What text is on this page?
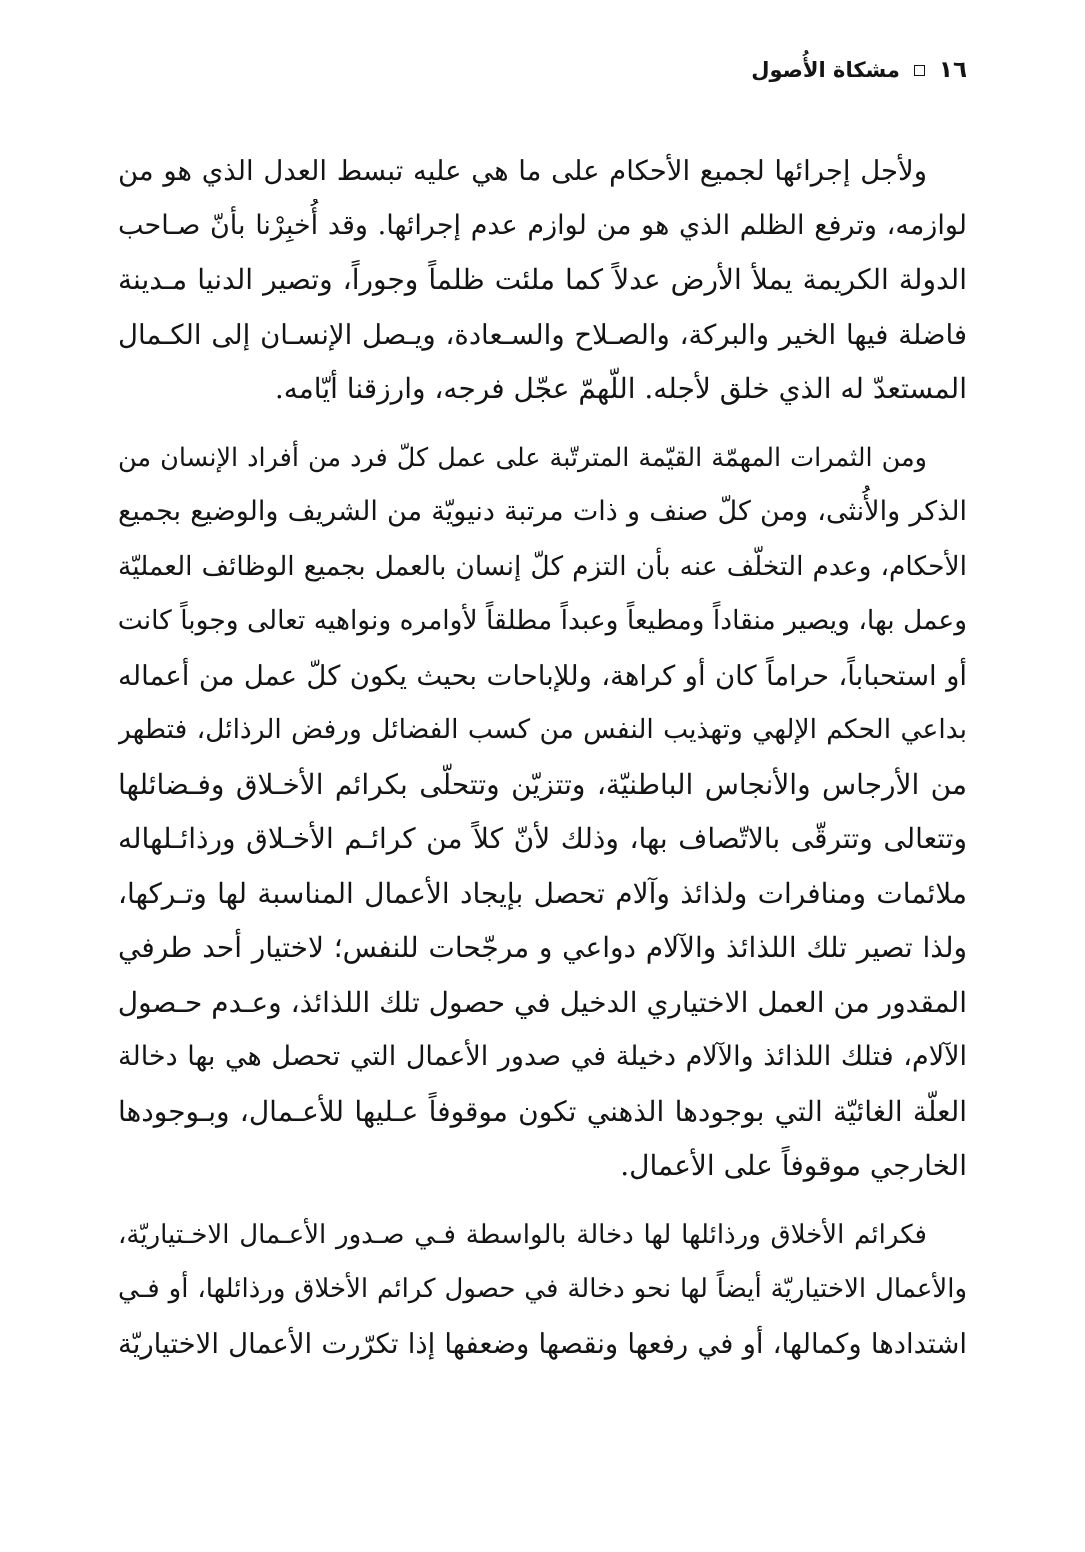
١٦
مشكاة الأُصول

ولأجل إجرائها لجميع الأحكام على ما هي عليه تبسط العدل الذي هو من
لوازمه، وترفع الظلم الذي هو من لوازم عدم إجرائها. وقد أُخبِرْنا بأنّ صـاحب
الدولة الكريمة يملأ الأرض عدلاً كما ملئت ظلماً وجوراً، وتصير الدنيا مـدينة
فاضلة فيها الخير والبركة، والصـلاح والسـعادة، ويـصل الإنسـان إلى الكـمال
المستعدّ له الذي خلق لأجله. اللّهمّ عجّل فرجه، وارزقنا أيّامه.

ومن الثمرات المهمّة القيّمة المترتّبة على عمل كلّ فرد من أفراد الإنسان من
الذكر والأُنثى، ومن كلّ صنف و ذات مرتبة دنيويّة من الشريف والوضيع بجميع
الأحكام، وعدم التخلّف عنه بأن التزم كلّ إنسان بالعمل بجميع الوظائف العمليّة
وعمل بها، ويصير منقاداً ومطيعاً وعبداً مطلقاً لأوامره ونواهيه تعالى وجوباً كانت
أو استحباباً، حراماً كان أو كراهة، وللإباحات بحيث يكون كلّ عمل من أعماله
بداعي الحكم الإلهي وتهذيب النفس من كسب الفضائل ورفض الرذائل، فتطهر
من الأرجاس والأنجاس الباطنيّة، وتتزيّن وتتحلّى بكرائم الأخـلاق وفـضائلها
وتتعالى وتترقّى بالاتّصاف بها، وذلك لأنّ كلاً من كرائـم الأخـلاق ورذائـلهاله
ملائمات ومنافرات ولذائذ وآلام تحصل بإيجاد الأعمال المناسبة لها وتـركها،
ولذا تصير تلك اللذائذ والآلام دواعي و مرجّحات للنفس؛ لاختيار أحد طرفي
المقدور من العمل الاختياري الدخيل في حصول تلك اللذائذ، وعـدم حـصول
الآلام، فتلك اللذائذ والآلام دخيلة في صدور الأعمال التي تحصل هي بها دخالة
العلّة الغائيّة التي بوجودها الذهني تكون موقوفاً عـليها للأعـمال، وبـوجودها
الخارجي موقوفاً على الأعمال.

فكرائم الأخلاق ورذائلها لها دخالة بالواسطة فـي صـدور الأعـمال الاخـتياريّة،
والأعمال الاختياريّة أيضاً لها نحو دخالة في حصول كرائم الأخلاق ورذائلها، أو فـي
اشتدادها وكمالها، أو في رفعها ونقصها وضعفها إذا تكرّرت الأعمال الاختياريّة
